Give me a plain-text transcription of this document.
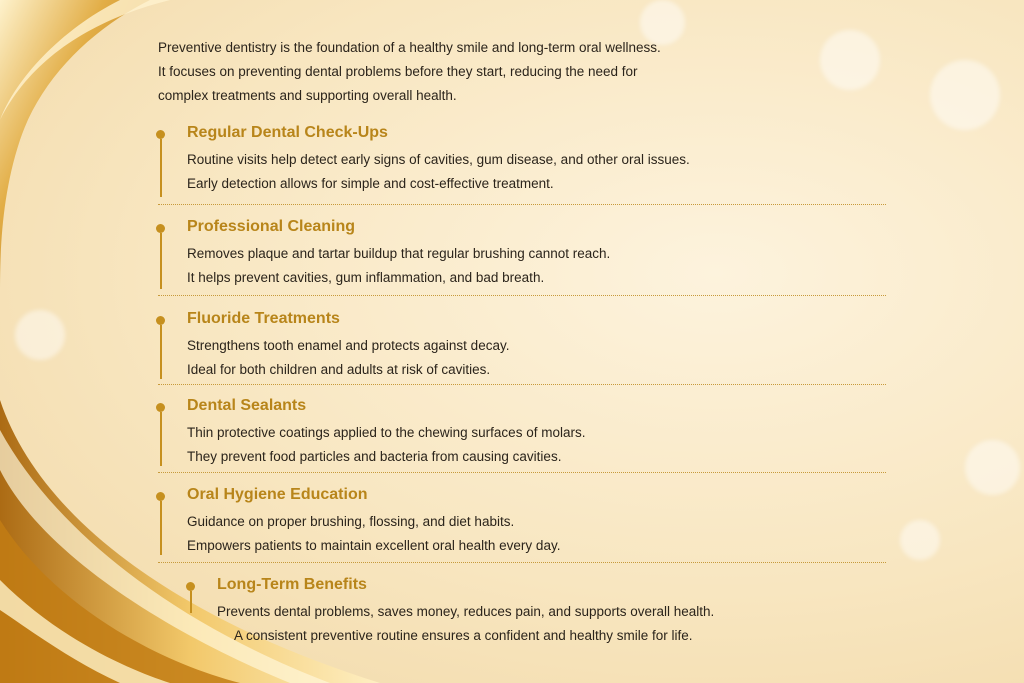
Preventive dentistry is the foundation of a healthy smile and long-term oral wellness.
It focuses on preventing dental problems before they start, reducing the need for
complex treatments and supporting overall health.
Regular Dental Check-Ups
Routine visits help detect early signs of cavities, gum disease, and other oral issues.
Early detection allows for simple and cost-effective treatment.
Professional Cleaning
Removes plaque and tartar buildup that regular brushing cannot reach.
It helps prevent cavities, gum inflammation, and bad breath.
Fluoride Treatments
Strengthens tooth enamel and protects against decay.
Ideal for both children and adults at risk of cavities.
Dental Sealants
Thin protective coatings applied to the chewing surfaces of molars.
They prevent food particles and bacteria from causing cavities.
Oral Hygiene Education
Guidance on proper brushing, flossing, and diet habits.
Empowers patients to maintain excellent oral health every day.
Long-Term Benefits
Prevents dental problems, saves money, reduces pain, and supports overall health.
A consistent preventive routine ensures a confident and healthy smile for life.
